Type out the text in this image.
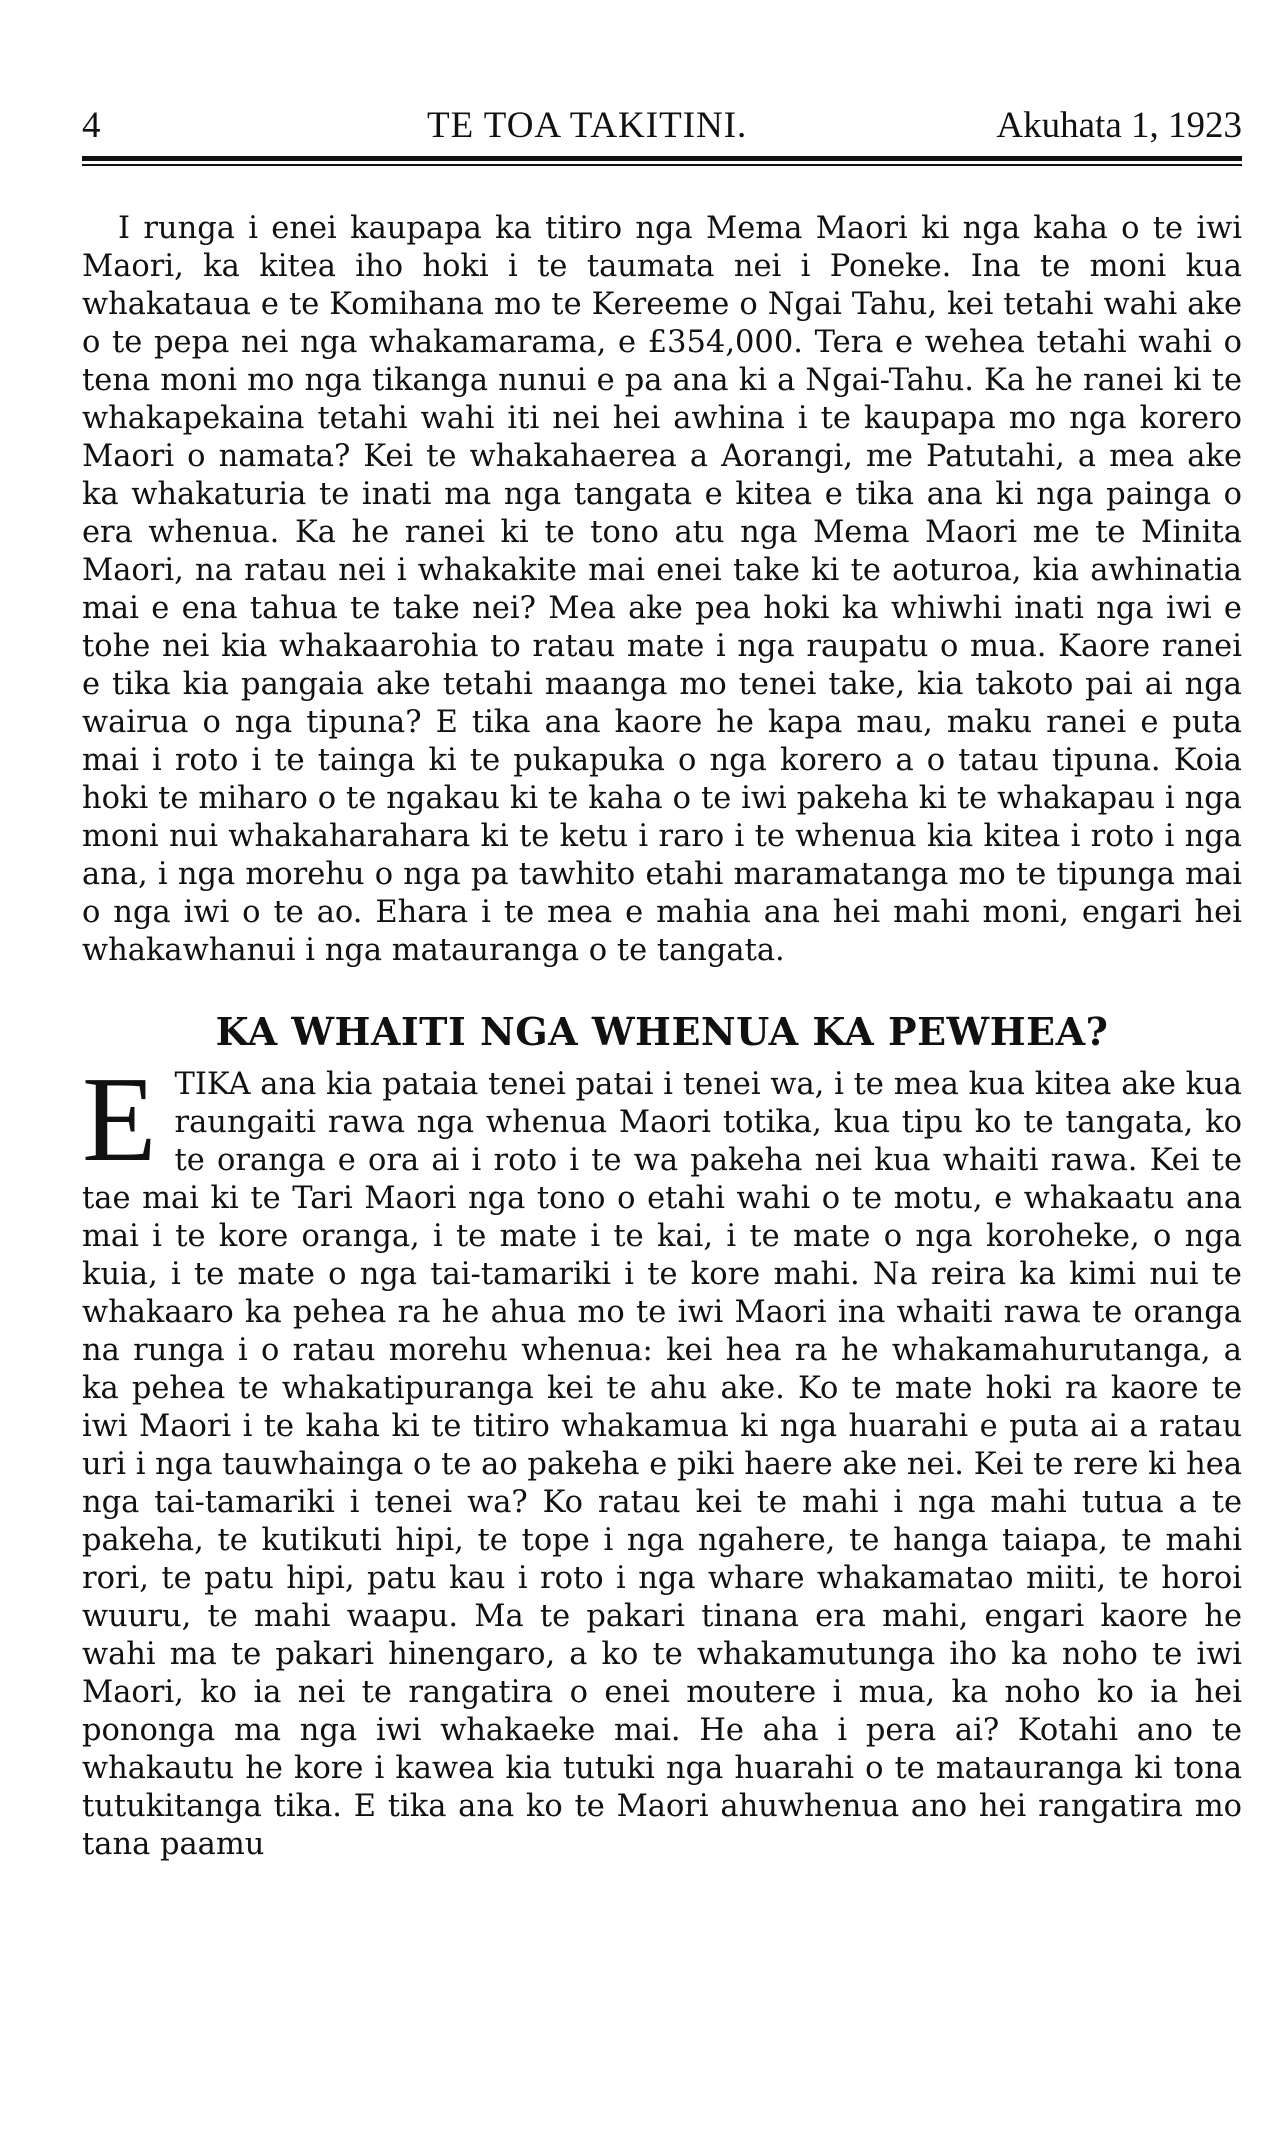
4	TE TOA TAKITINI.	Akuhata 1, 1923

I runga i enei kaupapa ka titiro nga Mema Maori ki nga kaha o te iwi Maori, ka kitea iho hoki i te taumata nei i Poneke. Ina te moni kua whakataua e te Komihana mo te Kereeme o Ngai Tahu, kei tetahi wahi ake o te pepa nei nga whakamarama, e £354,000. Tera e wehea tetahi wahi o tena moni mo nga tikanga nunui e pa ana ki a Ngai-Tahu. Ka he ranei ki te whakapekaina tetahi wahi iti nei hei awhina i te kaupapa mo nga korero Maori o namata? Kei te whakahaerea a Aorangi, me Patutahi, a mea ake ka whakaturia te inati ma nga tangata e kitea e tika ana ki nga painga o era whenua. Ka he ranei ki te tono atu nga Mema Maori me te Minita Maori, na ratau nei i whakakite mai enei take ki te aoturoa, kia awhinatia mai e ena tahua te take nei? Mea ake pea hoki ka whiwhi inati nga iwi e tohe nei kia whakaarohia to ratau mate i nga raupatu o mua. Kaore ranei e tika kia pangaia ake tetahi maanga mo tenei take, kia takoto pai ai nga wairua o nga tipuna? E tika ana kaore he kapa mau, maku ranei e puta mai i roto i te tainga ki te pukapuka o nga korero a o tatau tipuna. Koia hoki te miharo o te ngakau ki te kaha o te iwi pakeha ki te whakapau i nga moni nui whakaharahara ki te ketu i raro i te whenua kia kitea i roto i nga ana, i nga morehu o nga pa tawhito etahi maramatanga mo te tipunga mai o nga iwi o te ao. Ehara i te mea e mahia ana hei mahi moni, engari hei whakawhanui i nga matauranga o te tangata.

KA WHAITI NGA WHENUA KA PEWHEA?

ETIKA ana kia pataia tenei patai i tenei wa, i te mea kua kitea ake kua raungaiti rawa nga whenua Maori totika, kua tipu ko te tangata, ko te oranga e ora ai i roto i te wa pakeha nei kua whaiti rawa. Kei te tae mai ki te Tari Maori nga tono o etahi wahi o te motu, e whakaatu ana mai i te kore oranga, i te mate i te kai, i te mate o nga koroheke, o nga kuia, i te mate o nga tai-tamariki i te kore mahi. Na reira ka kimi nui te whakaaro ka pehea ra he ahua mo te iwi Maori ina whaiti rawa te oranga na runga i o ratau morehu whenua: kei hea ra he whakamahurutanga, a ka pehea te whakatipuranga kei te ahu ake. Ko te mate hoki ra kaore te iwi Maori i te kaha ki te titiro whakamua ki nga huarahi e puta ai a ratau uri i nga tauwhainga o te ao pakeha e piki haere ake nei. Kei te rere ki hea nga tai-tamariki i tenei wa? Ko ratau kei te mahi i nga mahi tutua a te pakeha, te kutikuti hipi, te tope i nga ngahere, te hanga taiapa, te mahi rori, te patu hipi, patu kau i roto i nga whare whakamatao miiti, te horoi wuuru, te mahi waapu. Ma te pakari tinana era mahi, engari kaore he wahi ma te pakari hinengaro, a ko te whakamutunga iho ka noho te iwi Maori, ko ia nei te rangatira o enei moutere i mua, ka noho ko ia hei pononga ma nga iwi whakaeke mai. He aha i pera ai? Kotahi ano te whakautu he kore i kawea kia tutuki nga huarahi o te matauranga ki tona tutukitanga tika. E tika ana ko te Maori ahuwhenua ano hei rangatira mo tana paamu
